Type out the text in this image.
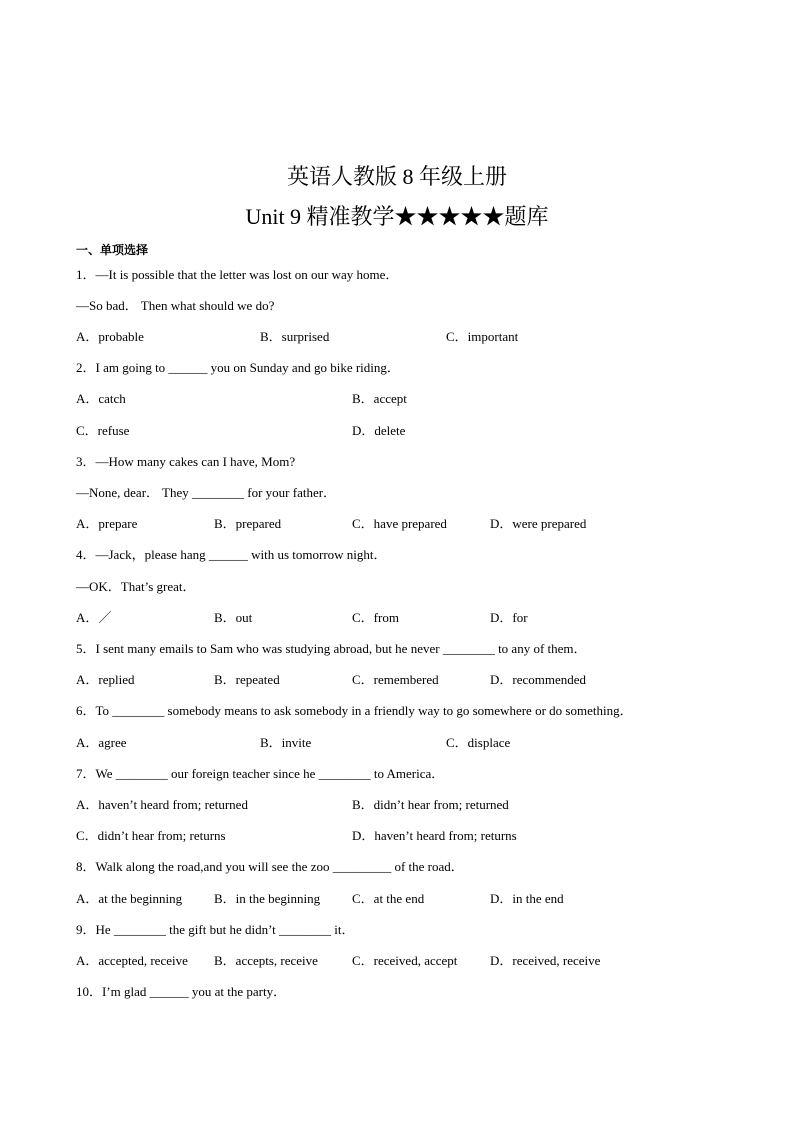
英语人教版 8 年级上册
Unit 9 精准教学★★★★★题库
一、单项选择
1．—It is possible that the letter was lost on our way home．
—So bad． Then what should we do?
A．probable	B．surprised	C．important
2．I am going to ______ you on Sunday and go bike riding．
A．catch	B．accept
C．refuse	D．delete
3．—How many cakes can I have, Mom?
—None, dear． They ________ for your father．
A．prepare	B．prepared	C．have prepared	D．were prepared
4．—Jack，please hang ______ with us tomorrow night．
—OK．That’s great．
A．／	B．out	C．from	D．for
5．I sent many emails to Sam who was studying abroad, but he never ________ to any of them．
A．replied	B．repeated	C．remembered	D．recommended
6．To ________ somebody means to ask somebody in a friendly way to go somewhere or do something．
A．agree	B．invite	C．displace
7．We ________ our foreign teacher since he ________ to America．
A．haven’t heard from; returned	B．didn’t hear from; returned
C．didn’t hear from; returns	D．haven’t heard from; returns
8．Walk along the road,and you will see the zoo _________ of the road．
A．at the beginning B．in the beginning C．at the end	D．in the end
9．He ________ the gift but he didn’t ________ it．
A．accepted, receive B．accepts, receive	C．received, accept	D．received, receive
10．I’m glad ______ you at the party．
